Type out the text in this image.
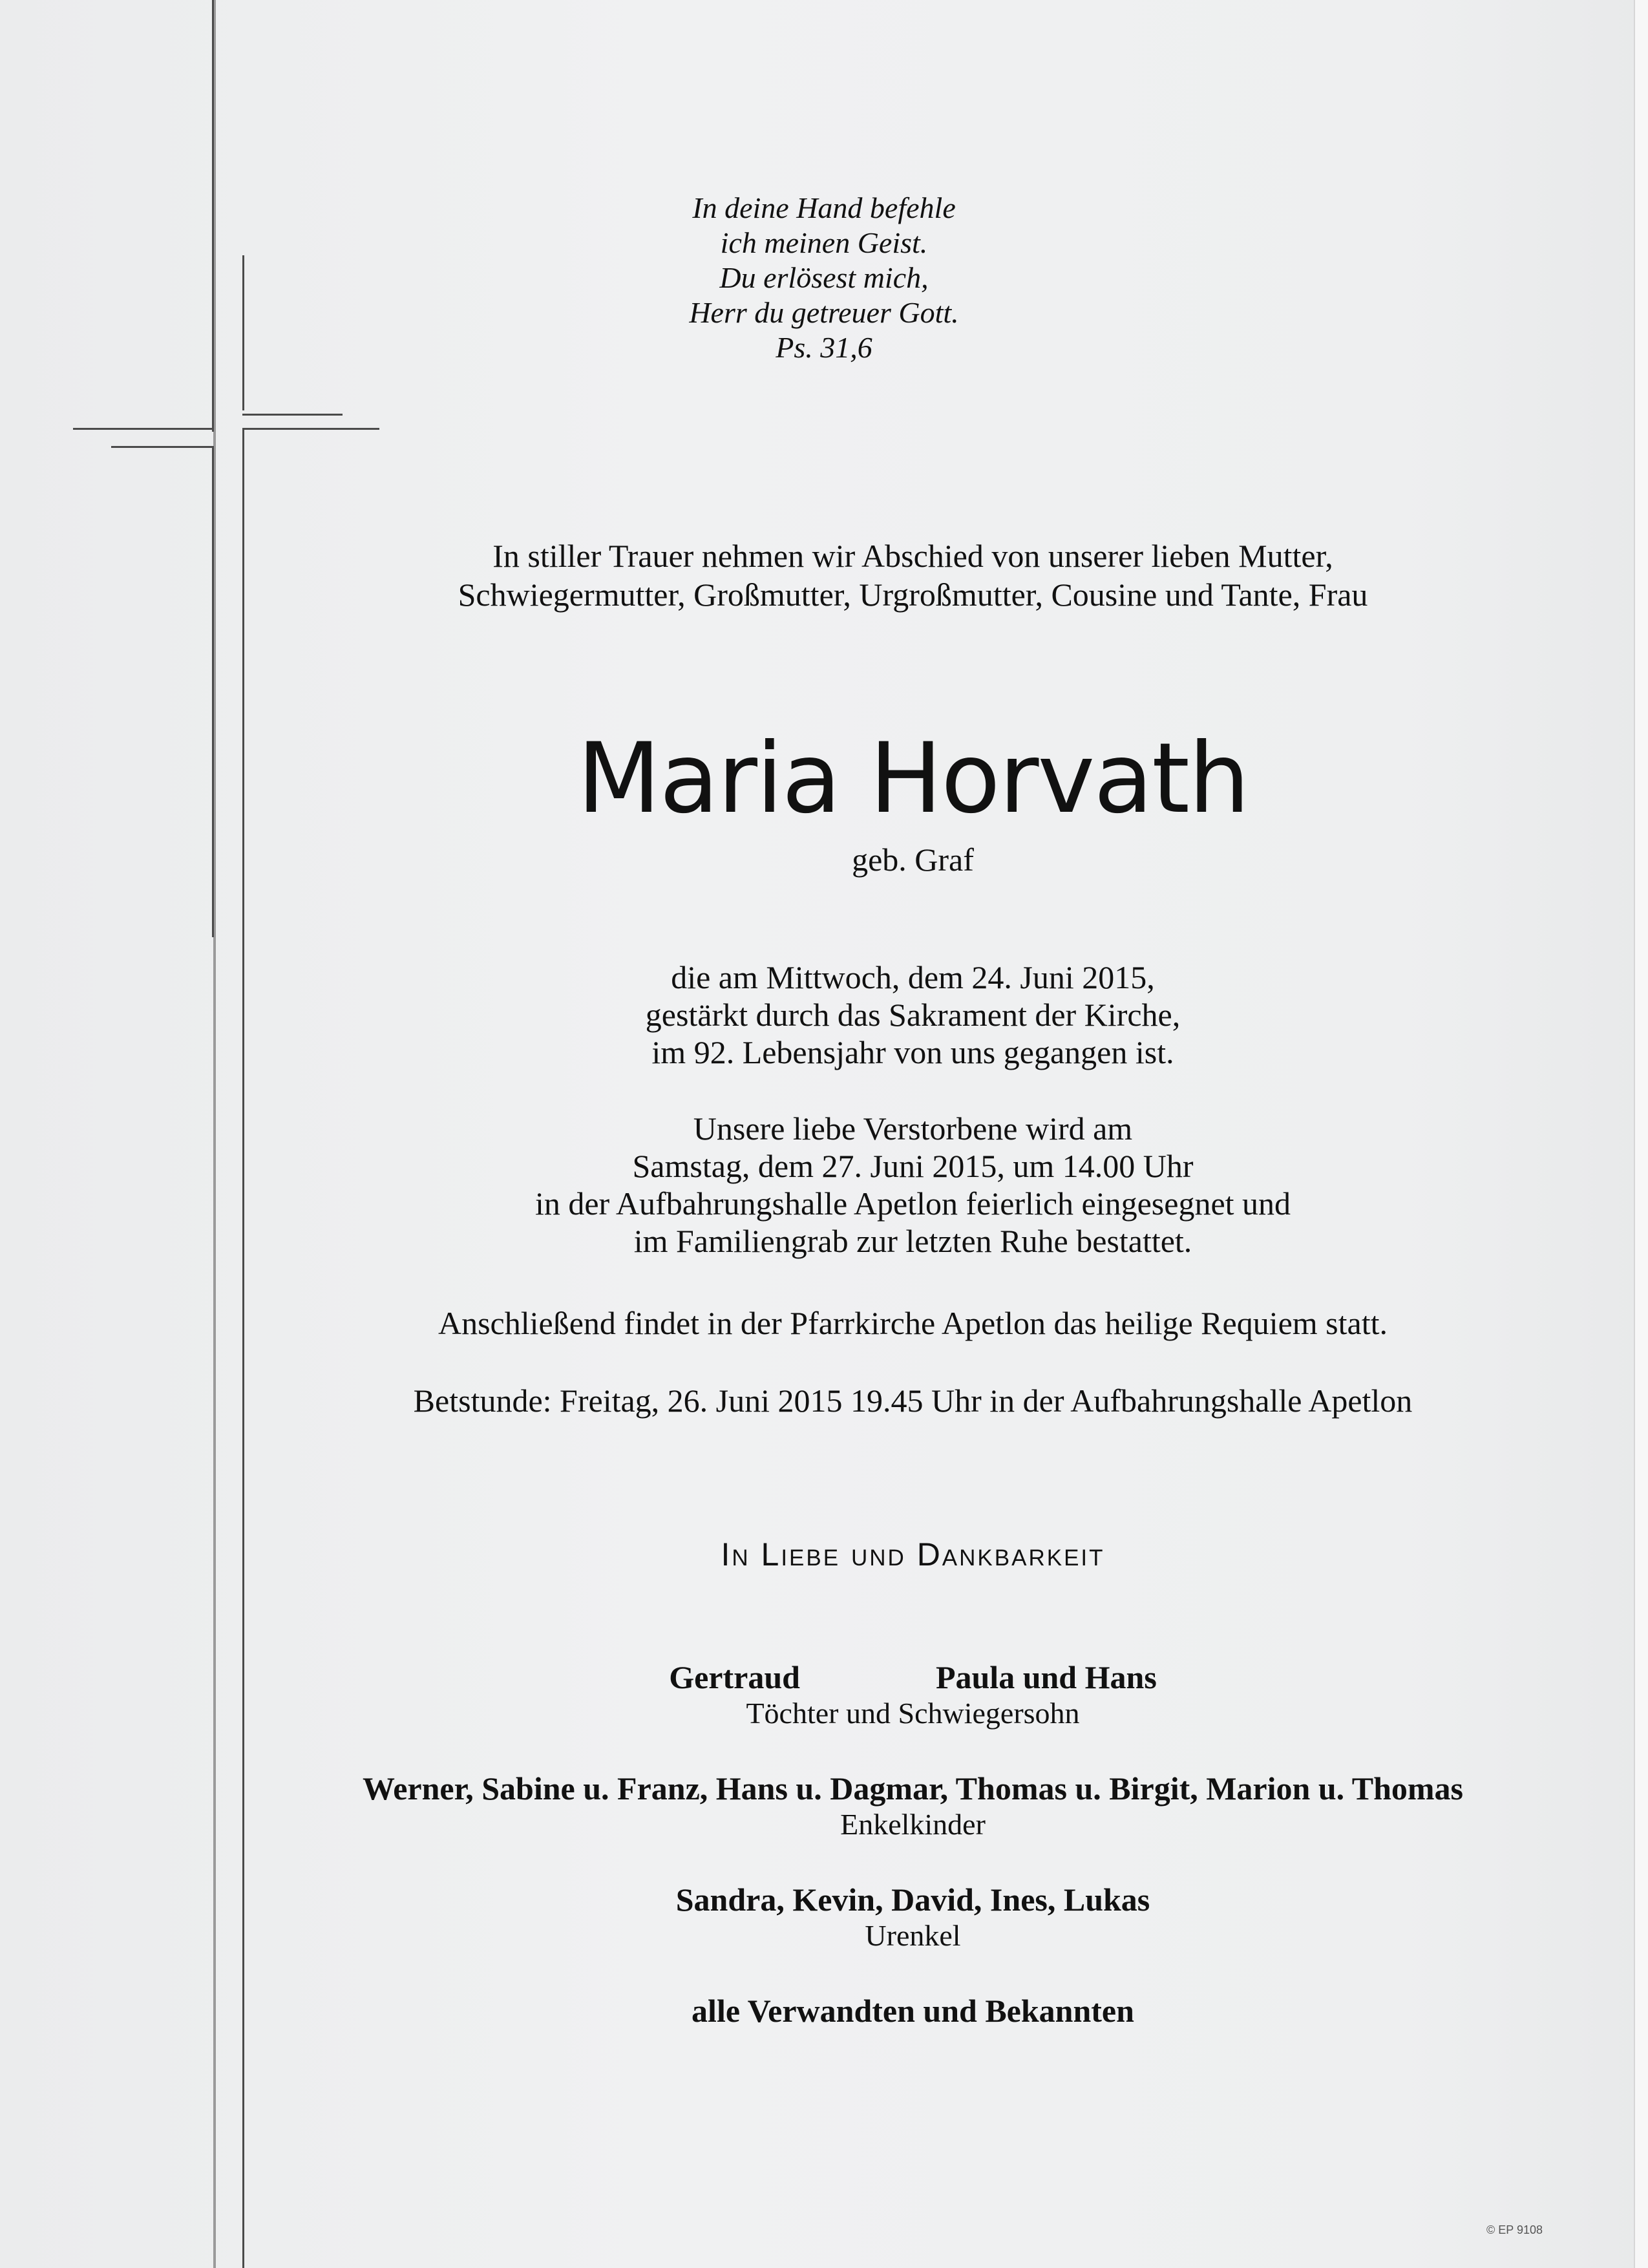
In deine Hand befehle
ich meinen Geist.
Du erlösest mich,
Herr du getreuer Gott.
Ps. 31,6
In stiller Trauer nehmen wir Abschied von unserer lieben Mutter,
Schwiegermutter, Großmutter, Urgroßmutter, Cousine und Tante, Frau
Maria Horvath
geb. Graf
die am Mittwoch, dem 24. Juni 2015,
gestärkt durch das Sakrament der Kirche,
im 92. Lebensjahr von uns gegangen ist.
Unsere liebe Verstorbene wird am
Samstag, dem 27. Juni 2015, um 14.00 Uhr
in der Aufbahrungshalle Apetlon feierlich eingesegnet und
im Familiengrab zur letzten Ruhe bestattet.
Anschließend findet in der Pfarrkirche Apetlon das heilige Requiem statt.
Betstunde: Freitag, 26. Juni 2015 19.45 Uhr in der Aufbahrungshalle Apetlon
In Liebe und Dankbarkeit
Gertraud	Paula und Hans
Töchter und Schwiegersohn
Werner, Sabine u. Franz, Hans u. Dagmar, Thomas u. Birgit, Marion u. Thomas
Enkelkinder
Sandra, Kevin, David, Ines, Lukas
Urenkel
alle Verwandten und Bekannten
© EP 9108
